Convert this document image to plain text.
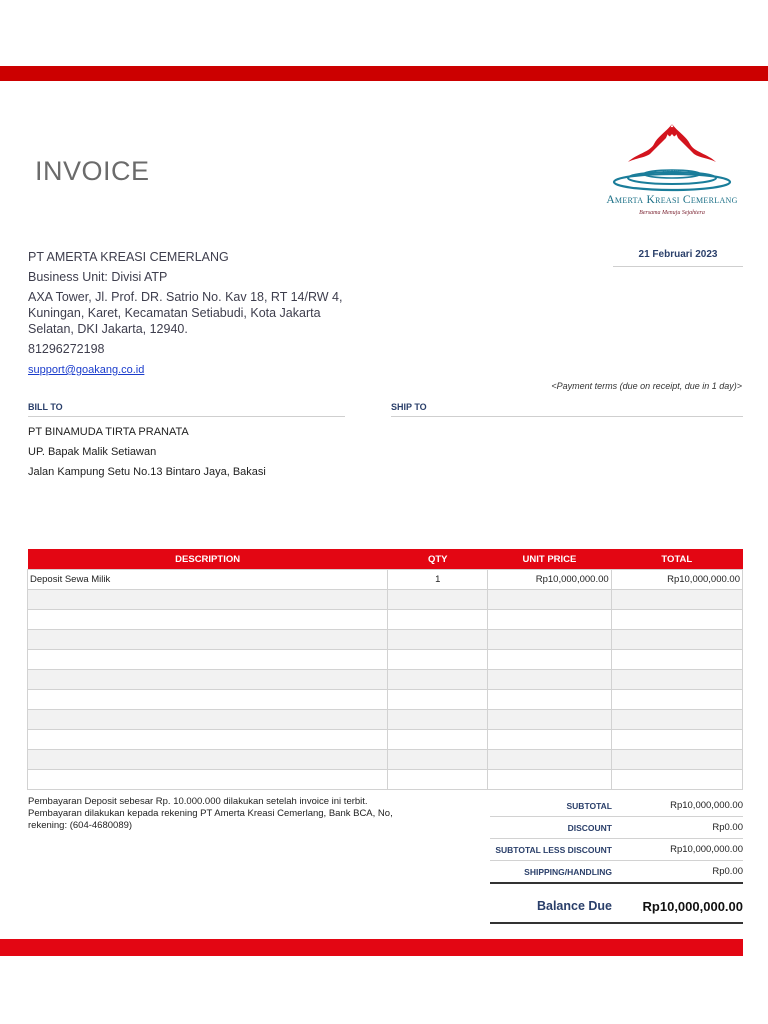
INVOICE	GKANG
Amerta Kreasi Cemerlang
Bersama Menuju Sejahtera
PT AMERTA KREASI CEMERLANG
Business Unit: Divisi ATP
AXA Tower, Jl. Prof. DR. Satrio No. Kav 18, RT 14/RW 4, Kuningan, Karet, Kecamatan Setiabudi, Kota Jakarta Selatan, DKI Jakarta, 12940.
81296272198
support@goakang.co.id
21 Februari 2023
<Payment terms (due on receipt, due in 1 day)>
BILL TO	SHIP TO
PT BINAMUDA TIRTA PRANATA
UP. Bapak Malik Setiawan
Jalan Kampung Setu No.13 Bintaro Jaya, Bakasi
DESCRIPTION	QTY	UNIT PRICE	TOTAL
Deposit Sewa Milik	1	Rp10,000,000.00	Rp10,000,000.00

Pembayaran Deposit sebesar Rp. 10.000.000 dilakukan setelah invoice ini terbit. Pembayaran dilakukan kepada rekening PT Amerta Kreasi Cemerlang, Bank BCA, No, rekening: (604-4680089)
SUBTOTAL	Rp10,000,000.00
DISCOUNT	Rp0.00
SUBTOTAL LESS DISCOUNT	Rp10,000,000.00
SHIPPING/HANDLING	Rp0.00
Balance Due	Rp10,000,000.00
